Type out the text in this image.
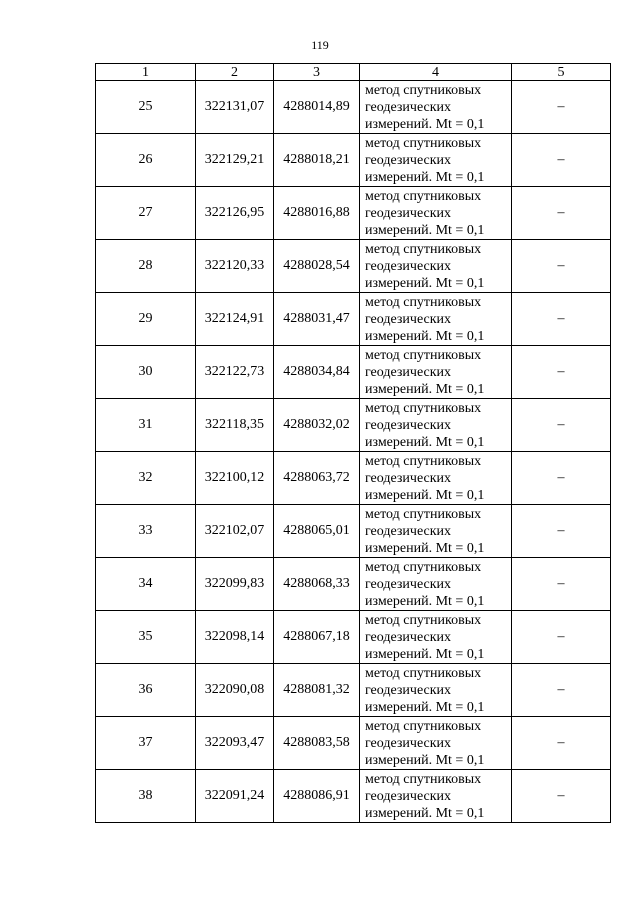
119
1	2	3	4	5
25	322131,07	4288014,89	метод спутниковых
геодезических
измерений. Mt = 0,1	–
26	322129,21	4288018,21	метод спутниковых
геодезических
измерений. Mt = 0,1	–
27	322126,95	4288016,88	метод спутниковых
геодезических
измерений. Mt = 0,1	–
28	322120,33	4288028,54	метод спутниковых
геодезических
измерений. Mt = 0,1	–
29	322124,91	4288031,47	метод спутниковых
геодезических
измерений. Mt = 0,1	–
30	322122,73	4288034,84	метод спутниковых
геодезических
измерений. Mt = 0,1	–
31	322118,35	4288032,02	метод спутниковых
геодезических
измерений. Mt = 0,1	–
32	322100,12	4288063,72	метод спутниковых
геодезических
измерений. Mt = 0,1	–
33	322102,07	4288065,01	метод спутниковых
геодезических
измерений. Mt = 0,1	–
34	322099,83	4288068,33	метод спутниковых
геодезических
измерений. Mt = 0,1	–
35	322098,14	4288067,18	метод спутниковых
геодезических
измерений. Mt = 0,1	–
36	322090,08	4288081,32	метод спутниковых
геодезических
измерений. Mt = 0,1	–
37	322093,47	4288083,58	метод спутниковых
геодезических
измерений. Mt = 0,1	–
38	322091,24	4288086,91	метод спутниковых
геодезических
измерений. Mt = 0,1	–
